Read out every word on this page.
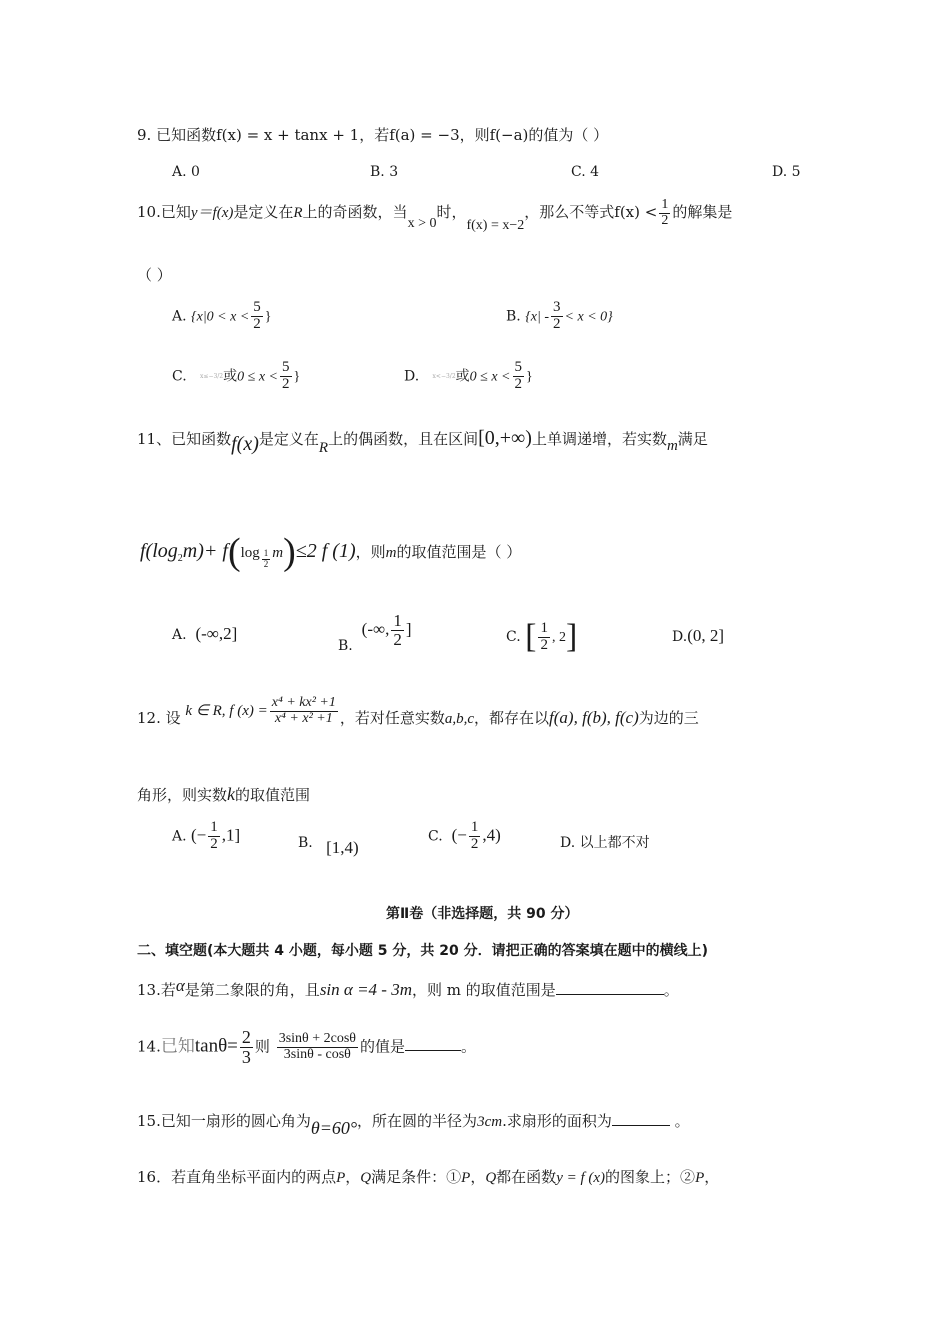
9. 已知函数f(x) = x + tanx + 1，若f(a) = −3，则f(−a)的值为（ ）
A. 0	B. 3	C. 4	D. 5
10.已知y＝f(x)是定义在R上的奇函数，当x > 0时，f(x) = x−2，那么不等式$f(x) < \frac{1}{2}$ 的解集是
（ ）
A. {$x|0 < x < \frac{5}{2}$ }	B. $\{x| - \frac{3}{2} < x < 0\}$
C. x≤−3/2或$0 \le x < \frac{5}{2}$ }	D. x<−3/2或$0 \le x < \frac{5}{2}$ }
11、已知函数f(x)是定义在R上的偶函数，且在区间[0,+∞)上单调递增，若实数m满足
$f(\log_2m)+ f(\log \frac{1}{2} m)\le 2$ f (1)，则m的取值范围是（ ）
A. (-∞,2]
B.  (-∞, $\frac{1}{2}$ ]	C. [ $\frac{1}{2}$ , 2]	D.(0, 2]
12. 设 k ∈ R, f $(x) = \frac{\text{x⁴ + kx² +1}}{\text{x⁴ + x² +1}}$ ，若对任意实数a,b,c，都存在以f(a), f(b), f(c)为边的三
角形，则实数k的取值范围
A. (− $\frac{1}{2} ,1$]	B. [1,4)
C. (− $\frac{1}{2} ,4$)	D. 以上都不对
第Ⅱ卷（非选择题，共 90 分）
二、填空题(本大题共 4 小题，每小题 5 分，共 20 分．请把正确的答案填在题中的横线上)
13.若α是第二象限的角，且sin α =4 - 3m，则 m 的取值范围是	。
14.已知$\tan\theta= \frac{2}{3}$ 则 $\frac{3\sin\theta + 2\cos\theta}{3\sin\theta - \cos\theta}$ 的值是	。
15.已知一扇形的圆心角为θ=60°，所在圆的半径为3cm.求扇形的面积为	。
16．若直角坐标平面内的两点P，Q满足条件：①P，Q都在函数y = f (x)的图象上；②P，
